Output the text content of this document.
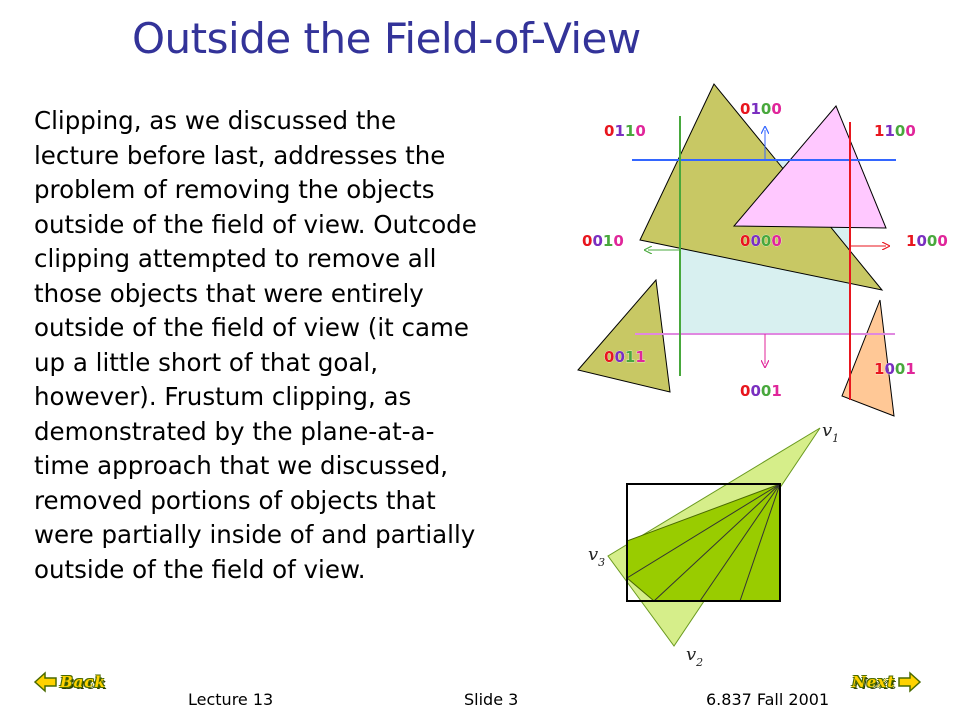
Outside the Field-of-View
Clipping, as we discussed the
lecture before last, addresses the
problem of removing the objects
outside of the field of view. Outcode
clipping attempted to remove all
those objects that were entirely
outside of the field of view (it came
up a little short of that goal,
however). Frustum clipping, as
demonstrated by the plane-at-a-
time approach that we discussed,
removed portions of objects that
were partially inside of and partially
outside of the field of view.
0110
0100
1100
0010	0000	1000
0011
1001
0001
$v_1$
$v_3$
$v_2$
Back	Next
Lecture 13	Slide 3	6.837 Fall 2001
